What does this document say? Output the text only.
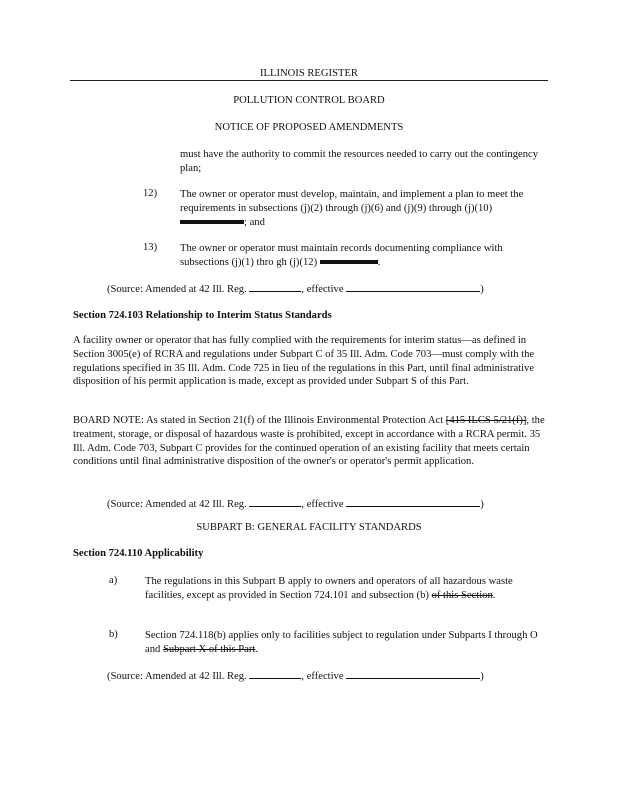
ILLINOIS REGISTER
POLLUTION CONTROL BOARD
NOTICE OF PROPOSED AMENDMENTS

must have the authority to commit the resources needed to carry out the contingency plan;

12) The owner or operator must develop, maintain, and implement a plan to meet the requirements in subsections (j)(2) through (j)(6) and (j)(9) through (j)(10) ; and

13) The owner or operator must maintain records documenting compliance with subsections (j)(1) thro gh (j)(12)	.

(Source: Amended at 42 Ill. Reg.	, effective	)
Section 724.103 Relationship to Interim Status Standards

A facility owner or operator that has fully complied with the requirements for interim status—as defined in Section 3005(e) of RCRA and regulations under Subpart C of 35 Ill. Adm. Code 703—must comply with the regulations specified in 35 Ill. Adm. Code 725 in lieu of the regulations in this Part, until final administrative disposition of his permit application is made, except as provided under Subpart S of this Part.

BOARD NOTE: As stated in Section 21(f) of the Illinois Environmental Protection Act [415 ILCS 5/21(f)], the treatment, storage, or disposal of hazardous waste is prohibited, except in accordance with a RCRA permit. 35 Ill. Adm. Code 703, Subpart C provides for the continued operation of an existing facility that meets certain conditions until final administrative disposition of the owner's or operator's permit application.

(Source: Amended at 42 Ill. Reg.	, effective	)
SUBPART B: GENERAL FACILITY STANDARDS
Section 724.110 Applicability
a)	The regulations in this Subpart B apply to owners and operators of all hazardous waste facilities, except as provided in Section 724.101 and subsection (b) of this Section.

b)	Section 724.118(b) applies only to facilities subject to regulation under Subparts I through O and Subpart X of this Part.

(Source: Amended at 42 Ill. Reg.	, effective	)
